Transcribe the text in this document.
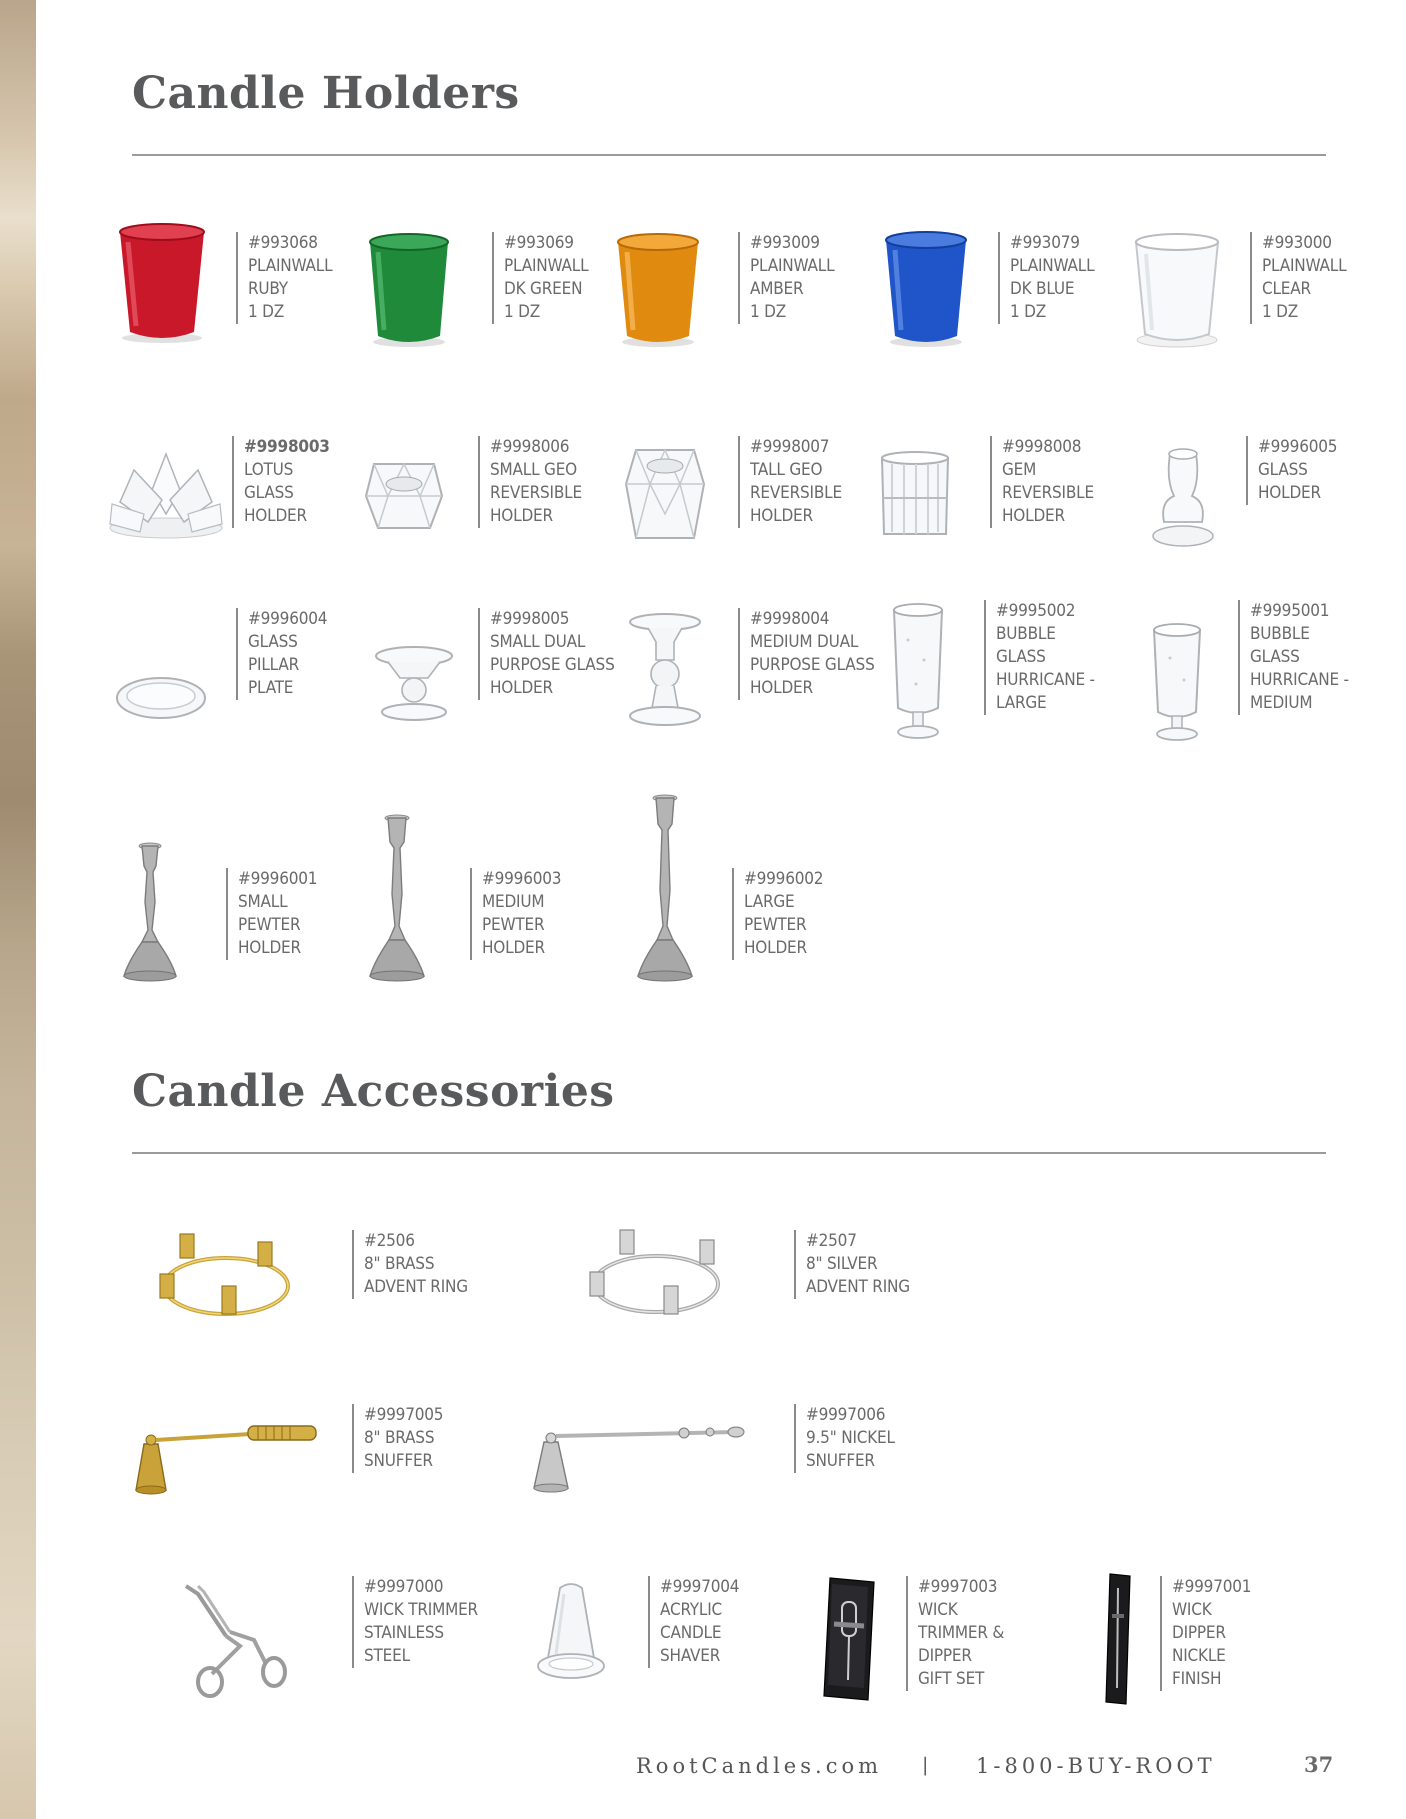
Candle Holders
#993068
PLAINWALL
RUBY
1 DZ
#993069
PLAINWALL
DK GREEN
1 DZ
#993009
PLAINWALL
AMBER
1 DZ
#993079
PLAINWALL
DK BLUE
1 DZ
#993000
PLAINWALL
CLEAR
1 DZ
#9998003
LOTUS
GLASS
HOLDER
#9998006
SMALL GEO
REVERSIBLE
HOLDER
#9998007
TALL GEO
REVERSIBLE
HOLDER
#9998008
GEM
REVERSIBLE
HOLDER
#9996005
GLASS
HOLDER
#9996004
GLASS
PILLAR
PLATE
#9998005
SMALL DUAL
PURPOSE GLASS
HOLDER
#9998004
MEDIUM DUAL
PURPOSE GLASS
HOLDER
#9995002
BUBBLE
GLASS
HURRICANE -
LARGE
#9995001
BUBBLE
GLASS
HURRICANE -
MEDIUM
#9996001
SMALL
PEWTER
HOLDER
#9996003
MEDIUM
PEWTER
HOLDER
#9996002
LARGE
PEWTER
HOLDER
Candle Accessories
#2506
8" BRASS
ADVENT RING
#2507
8" SILVER
ADVENT RING
#9997005
8" BRASS
SNUFFER
#9997006
9.5" NICKEL
SNUFFER
#9997000
WICK TRIMMER
STAINLESS
STEEL
#9997004
ACRYLIC
CANDLE
SHAVER
#9997003
WICK
TRIMMER &
DIPPER
GIFT SET
#9997001
WICK
DIPPER
NICKLE
FINISH
RootCandles.com | 1-800-BUY-ROOT	37
